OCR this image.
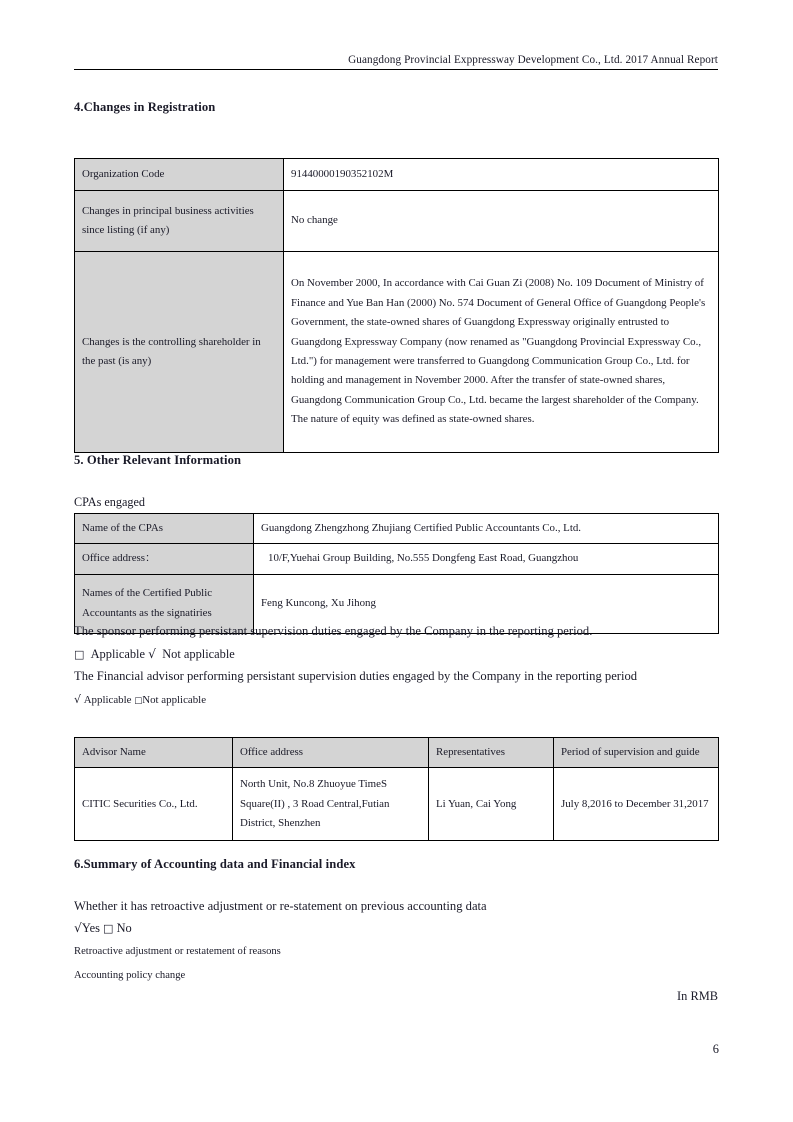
Guangdong Provincial Exppressway Development Co., Ltd. 2017 Annual Report
4.Changes in Registration
Organization Code	91440000190352102M
Changes in principal business activities since listing (if any)	No change
Changes is the controlling shareholder in the past (is any)	On November 2000, In accordance with Cai Guan Zi (2008) No. 109 Document of Ministry of Finance and Yue Ban Han (2000) No. 574 Document of General Office of Guangdong People's Government, the state-owned shares of Guangdong Expressway originally entrusted to Guangdong Expressway Company (now renamed as "Guangdong Provincial Expressway Co., Ltd.") for management were transferred to Guangdong Communication Group Co., Ltd. for holding and management in November 2000. After the transfer of state-owned shares, Guangdong Communication Group Co., Ltd. became the largest shareholder of the Company. The nature of equity was defined as state-owned shares.
5. Other Relevant Information

CPAs engaged

Name of the CPAs	Guangdong Zhengzhong Zhujiang Certified Public Accountants Co., Ltd.
Office address：	10/F,Yuehai Group Building, No.555 Dongfeng East Road, Guangzhou
Names of the Certified Public Accountants as the signatiries	Feng Kuncong, Xu Jihong

The sponsor performing persistant supervision duties engaged by the Company in the reporting period.

□ Applicable √ Not applicable

The Financial advisor performing persistant supervision duties engaged by the Company in the reporting period

√ Applicable □Not applicable

Advisor Name	Office address	Representatives	Period of supervision and guide
CITIC Securities Co., Ltd.	North Unit, No.8 Zhuoyue TimeS Square(II) , 3 Road Central,Futian District, Shenzhen	Li Yuan, Cai Yong	July 8,2016 to December 31,2017
6.Summary of Accounting data and Financial index

Whether it has retroactive adjustment or re-statement on previous accounting data

√Yes □ No

Retroactive adjustment or restatement of reasons

Accounting policy change

In RMB

6
